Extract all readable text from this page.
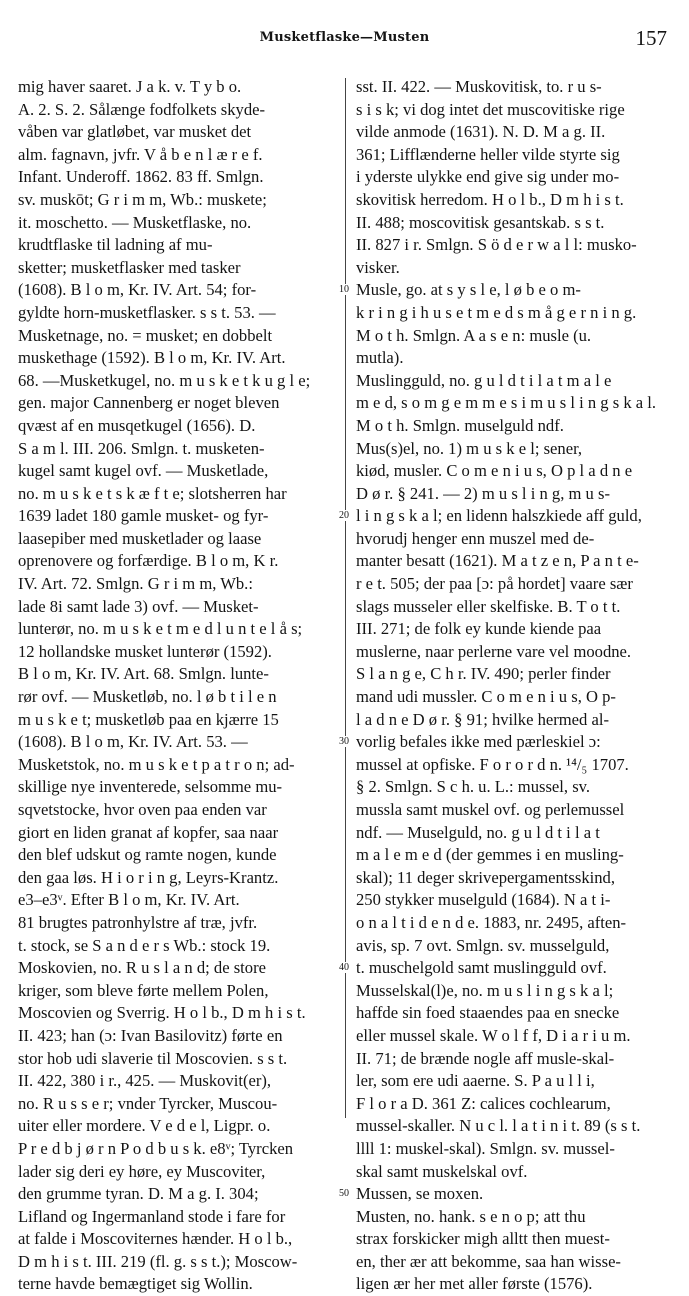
Musketflaske—Musten	157
mig haver saaret. J a k. v. T y b o.
A. 2. S. 2. Sålænge fodfolkets skyde-
våben var glatløbet, var musket det
alm. fagnavn, jvfr. V å b e n l æ r e f.
Infant. Underoff. 1862. 83 ff. Smlgn.
sv. muskōt; G r i m m, Wb.: muskete;
it. moschetto. — Musketflaske, no.
krudtflaske til ladning af mu-
sketter; musketflasker med tasker
(1608). B l o m, Kr. IV. Art. 54; for-
gyldte horn-musketflasker. s s t. 53. —
Musketnage, no. = musket; en dobbelt
muskethage (1592). B l o m, Kr. IV. Art.
68. —Musketkugel, no. m u s k e t k u g l e;
gen. major Cannenberg er noget bleven
qvæst af en musqetkugel (1656). D.
S a m l. III. 206. Smlgn. t. musketen-
kugel samt kugel ovf. — Musketlade,
no. m u s k e t s k æ f t e; slotsherren har
1639 ladet 180 gamle musket- og fyr-
laasepiber med musketlader og laase
oprenovere og forfærdige. B l o m, K r.
IV. Art. 72. Smlgn. G r i m m, Wb.:
lade 8i samt lade 3) ovf. — Musket-
lunterør, no. m u s k e t m e d l u n t e l å s;
12 hollandske musket lunterør (1592).
B l o m, Kr. IV. Art. 68. Smlgn. lunte-
rør ovf. — Musketløb, no. l ø b t i l e n
m u s k e t; musketløb paa en kjærre 15
(1608). B l o m, Kr. IV. Art. 53. —
Musketstok, no. m u s k e t p a t r o n; ad-
skillige nye inventerede, selsomme mu-
sqvetstocke, hvor oven paa enden var
giort en liden granat af kopfer, saa naar
den blef udskut og ramte nogen, kunde
den gaa løs. H i o r i n g, Leyrs-Krantz.
e3–e3ᵛ. Efter B l o m, Kr. IV. Art.
81 brugtes patronhylstre af træ, jvfr.
t. stock, se S a n d e r s Wb.: stock 19.
Moskovien, no. R u s l a n d; de store
kriger, som bleve førte mellem Polen,
Moscovien og Sverrig. H o l b., D m h i s t.
II. 423; han (ɔ: Ivan Basilovitz) førte en
stor hob udi slaverie til Moscovien. s s t.
II. 422, 380 i r., 425. — Muskovit(er),
no. R u s s e r; vnder Tyrcker, Muscou-
uiter eller mordere. V e d e l, Ligpr. o.
P r e d b j ø r n P o d b u s k. e8ᵛ; Tyrcken
lader sig deri ey høre, ey Muscoviter,
den grumme tyran. D. M a g. I. 304;
Lifland og Ingermanland stode i fare for
at falde i Moscoviternes hænder. H o l b.,
D m h i s t. III. 219 (fl. g. s s t.); Moscow-
terne havde bemægtiget sig Wollin.
sst. II. 422. — Muskovitisk, to. r u s-
s i s k; vi dog intet det muscovitiske rige
vilde anmode (1631). N. D. M a g. II.
361; Lifflænderne heller vilde styrte sig
i yderste ulykke end give sig under mo-
skovitisk herredom. H o l b., D m h i s t.
II. 488; moscovitisk gesantskab. s s t.
II. 827 i r. Smlgn. S ö d e r w a l l: musko-
visker.
Musle, go. at s y s l e, l ø b e o m-
k r i n g i h u s e t m e d s m å g e r n i n g.
M o t h. Smlgn. A a s e n: musle (u.
mutla).
Muslingguld, no. g u l d t i l a t m a l e
m e d, s o m g e m m e s i m u s l i n g s k a l.
M o t h. Smlgn. muselguld ndf.
Mus(s)el, no. 1) m u s k e l; sener,
kiød, musler. C o m e n i u s, O p l a d n e
D ø r. § 241. — 2) m u s l i n g, m u s-
l i n g s k a l; en lidenn halszkiede aff guld,
hvorudj henger enn muszel med de-
manter besatt (1621). M a t z e n, P a n t e-
r e t. 505; der paa [ɔ: på hordet] vaare sær
slags musseler eller skelfiske. B. T o t t.
III. 271; de folk ey kunde kiende paa
muslerne, naar perlerne vare vel moodne.
S l a n g e, C h r. IV. 490; perler finder
mand udi mussler. C o m e n i u s, O p-
l a d n e D ø r. § 91; hvilke hermed al-
vorlig befales ikke med pærleskiel ɔ:
mussel at opfiske. F o r o r d n. ¹⁴/₅ 1707.
§ 2. Smlgn. S c h. u. L.: mussel, sv.
mussla samt muskel ovf. og perlemussel
ndf. — Muselguld, no. g u l d t i l a t
m a l e m e d (der gemmes i en musling-
skal); 11 deger skrivepergamentsskind,
250 stykker muselguld (1684). N a t i-
o n a l t i d e n d e. 1883, nr. 2495, aften-
avis, sp. 7 ovt. Smlgn. sv. musselguld,
t. muschelgold samt muslingguld ovf.
Musselskal(l)e, no. m u s l i n g s k a l;
haffde sin foed staaendes paa en snecke
eller mussel skale. W o l f f, D i a r i u m.
II. 71; de brænde nogle aff musle-skal-
ler, som ere udi aaerne. S. P a u l l i,
F l o r a D. 361 Z: calices cochlearum,
mussel-skaller. N u c l. l a t i n i t. 89 (s s t.
llll 1: muskel-skal). Smlgn. sv. mussel-
skal samt muskelskal ovf.
Mussen, se moxen.
Musten, no. hank. s e n o p; att thu
strax forskicker migh alltt then muest-
en, ther ær att bekomme, saa han wisse-
ligen ær her met aller første (1576).
10
20
30
40
50
